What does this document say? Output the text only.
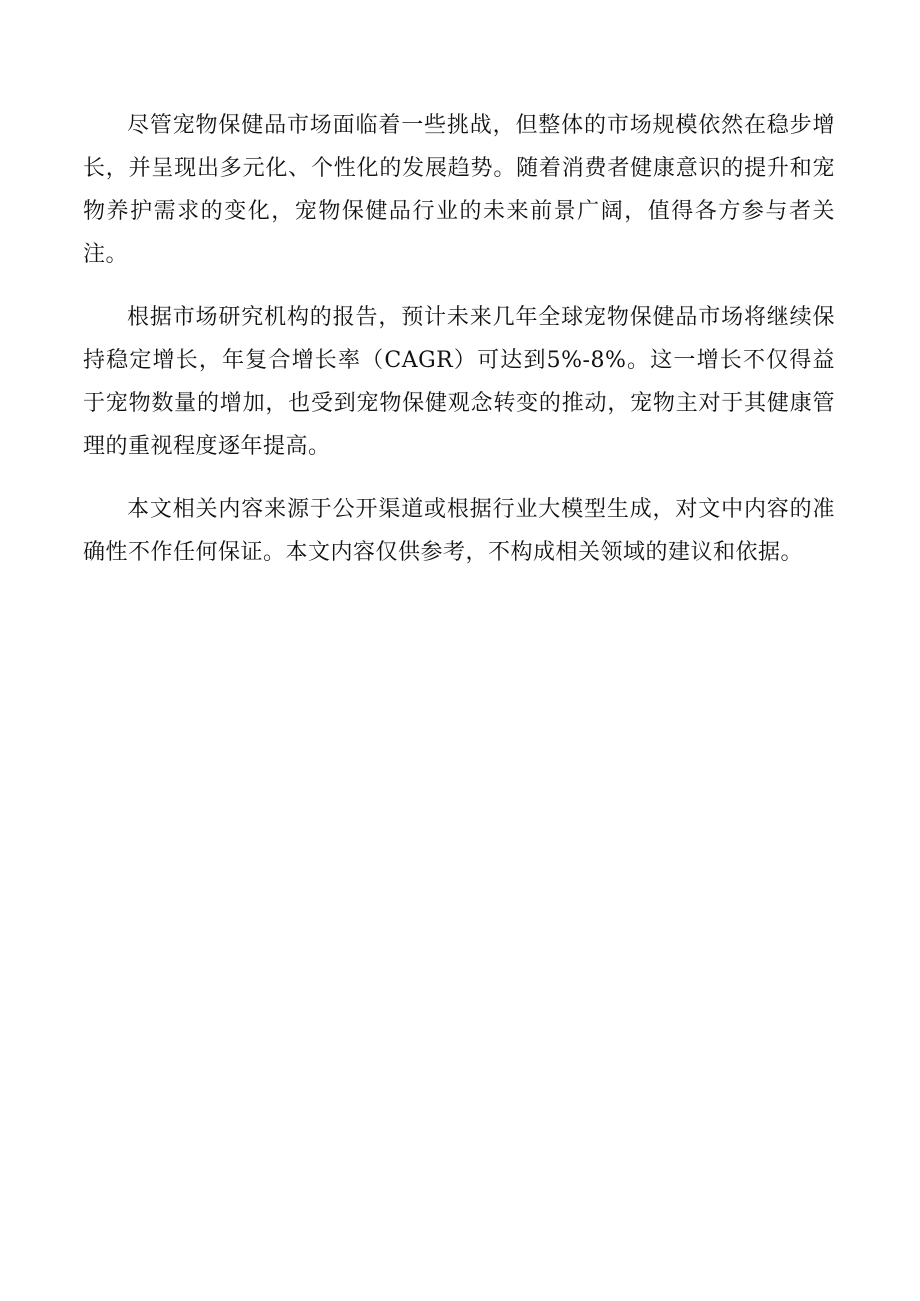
尽管宠物保健品市场面临着一些挑战，但整体的市场规模依然在稳步增长，并呈现出多元化、个性化的发展趋势。随着消费者健康意识的提升和宠物养护需求的变化，宠物保健品行业的未来前景广阔，值得各方参与者关注。

根据市场研究机构的报告，预计未来几年全球宠物保健品市场将继续保持稳定增长，年复合增长率（CAGR）可达到5%-8%。这一增长不仅得益于宠物数量的增加，也受到宠物保健观念转变的推动，宠物主对于其健康管理的重视程度逐年提高。

本文相关内容来源于公开渠道或根据行业大模型生成，对文中内容的准确性不作任何保证。本文内容仅供参考，不构成相关领域的建议和依据。
